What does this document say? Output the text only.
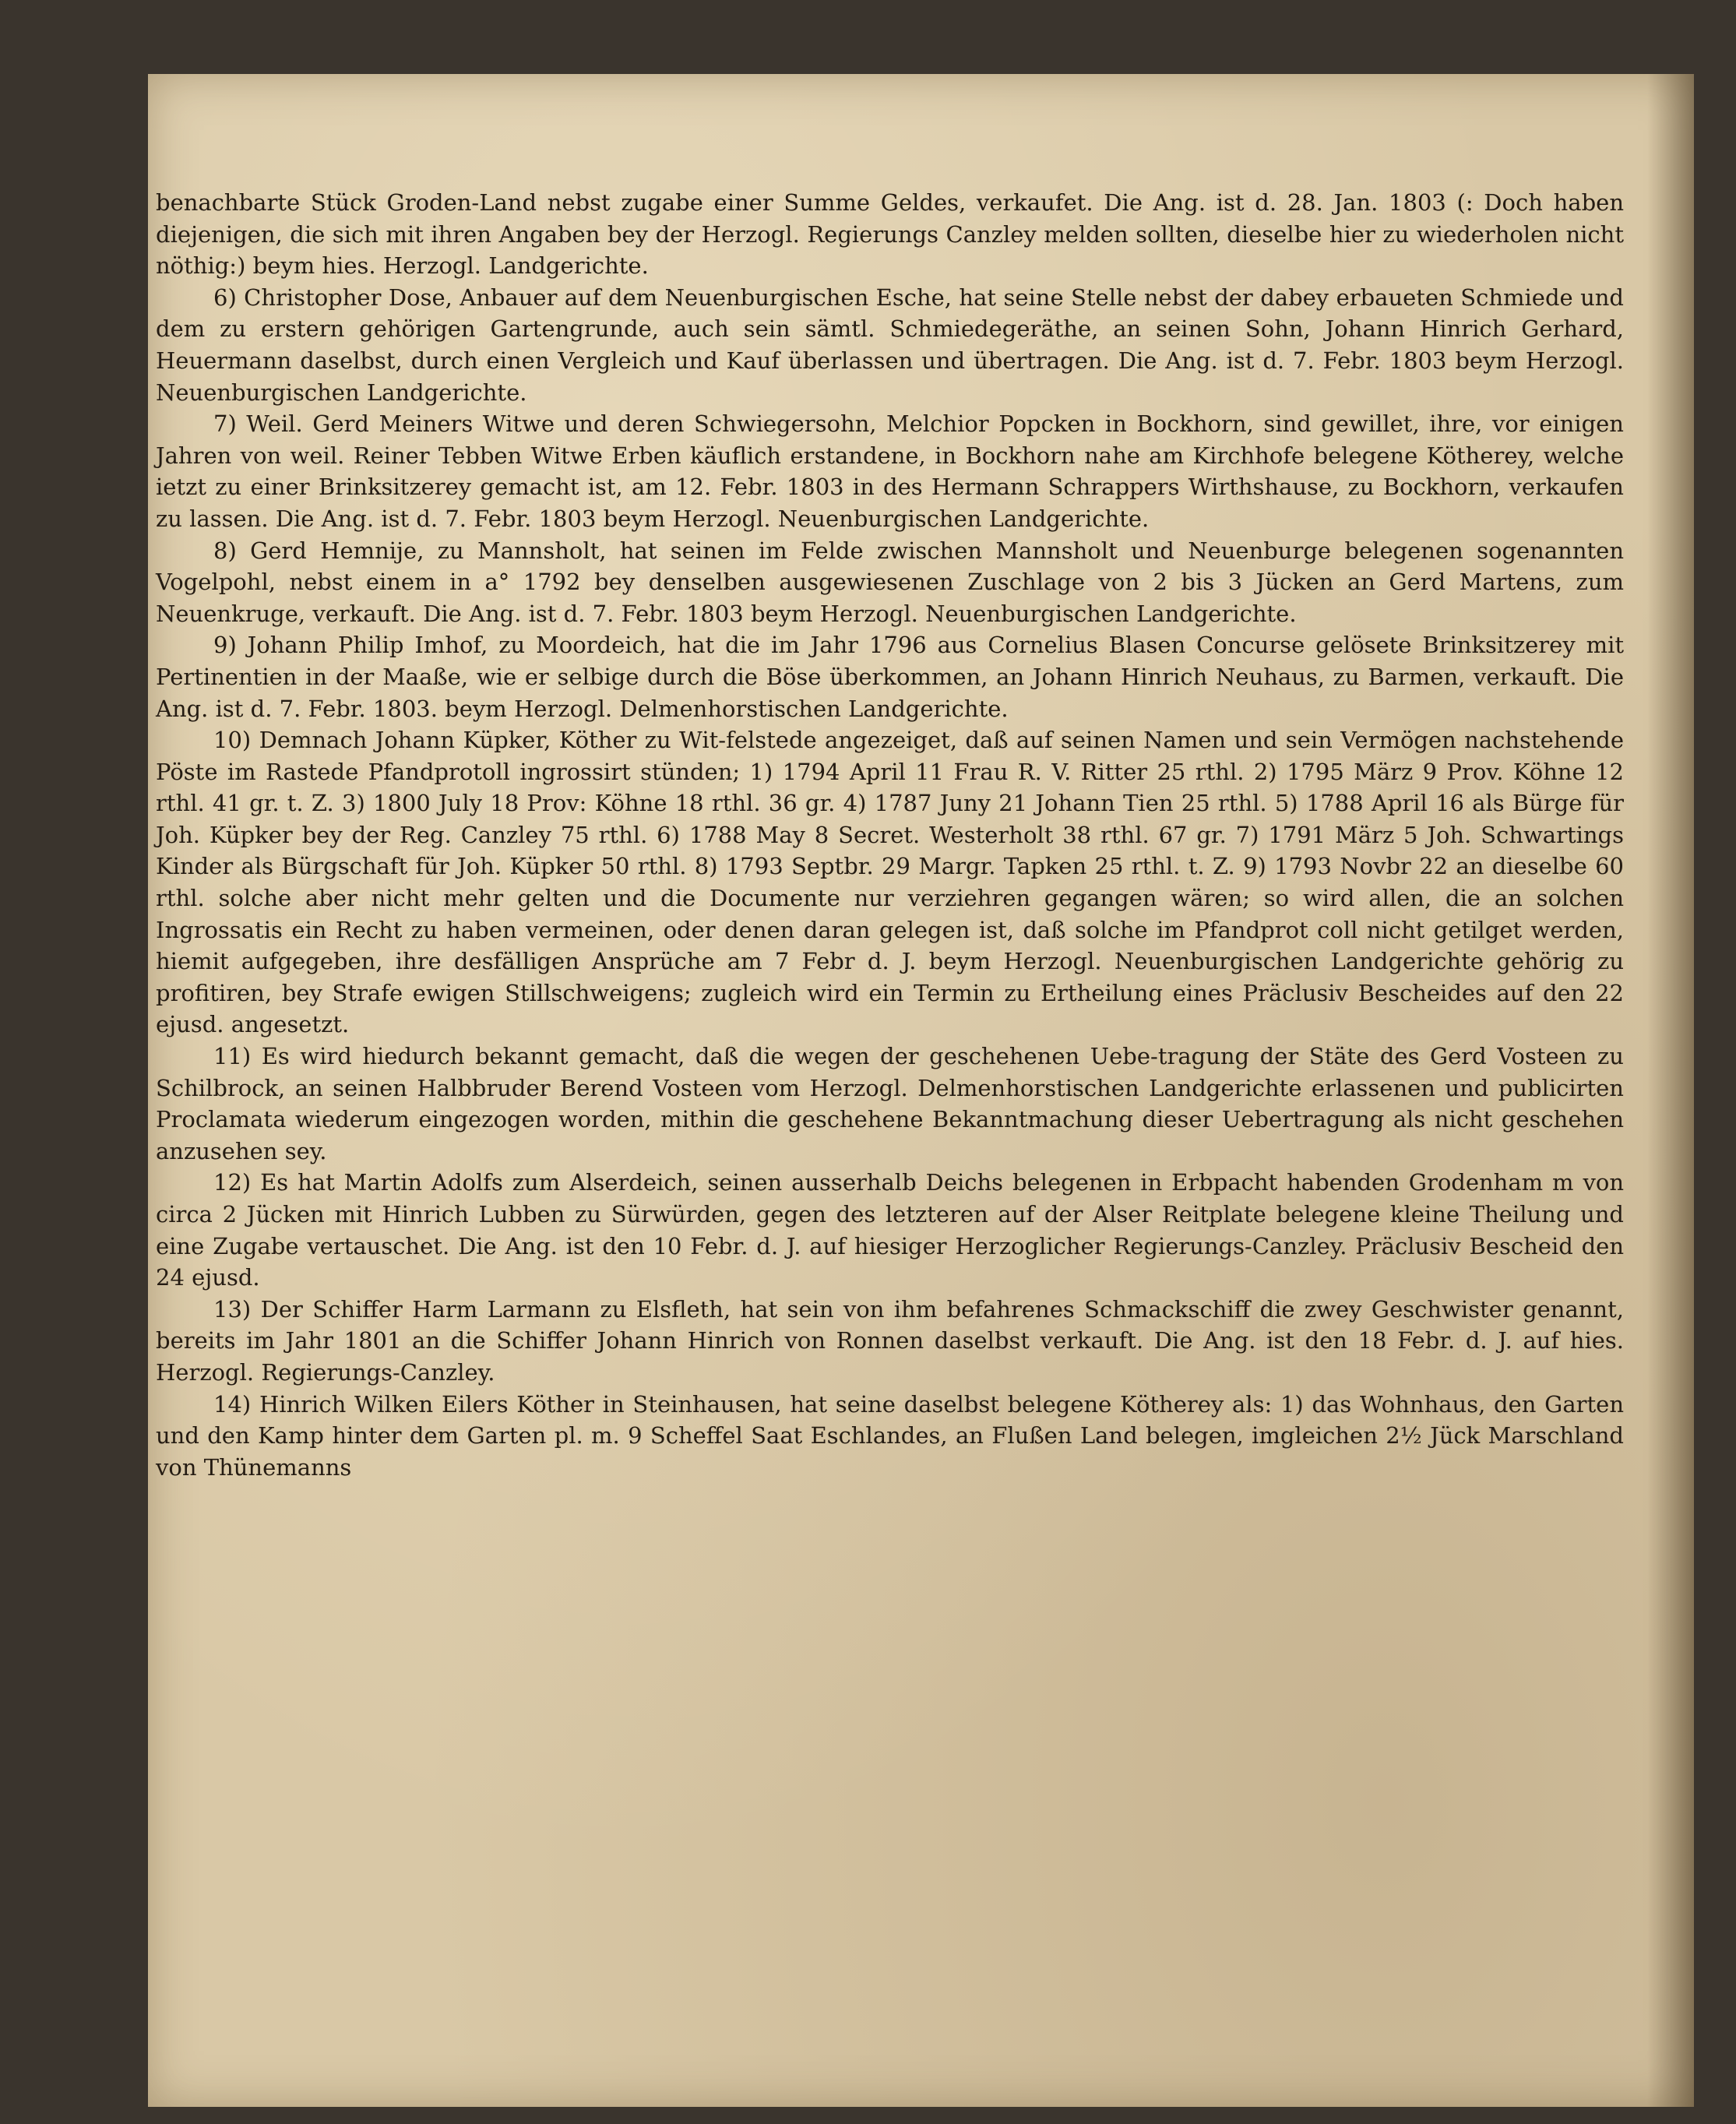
benachbarte Stück Groden-Land nebst zugabe einer Summe Geldes, verkaufet. Die Ang. ist d. 28. Jan. 1803 (: Doch haben diejenigen, die sich mit ihren Angaben bey der Herzogl. Regierungs Canzley melden sollten, dieselbe hier zu wiederholen nicht nöthig:) beym hies. Herzogl. Landgerichte.

6) Christopher Dose, Anbauer auf dem Neuenburgischen Esche, hat seine Stelle nebst der dabey erbaueten Schmiede und dem zu erstern gehörigen Gartengrunde, auch sein sämtl. Schmiedegeräthe, an seinen Sohn, Johann Hinrich Gerhard, Heuermann daselbst, durch einen Vergleich und Kauf überlassen und übertragen. Die Ang. ist d. 7. Febr. 1803 beym Herzogl. Neuenburgischen Landgerichte.

7) Weil. Gerd Meiners Witwe und deren Schwiegersohn, Melchior Popcken in Bockhorn, sind gewillet, ihre, vor einigen Jahren von weil. Reiner Tebben Witwe Erben käuflich erstandene, in Bockhorn nahe am Kirchhofe belegene Kötherey, welche ietzt zu einer Brinksitzerey gemacht ist, am 12. Febr. 1803 in des Hermann Schrappers Wirthshause, zu Bockhorn, verkaufen zu lassen. Die Ang. ist d. 7. Febr. 1803 beym Herzogl. Neuenburgischen Landgerichte.

8) Gerd Hemnije, zu Mannsholt, hat seinen im Felde zwischen Mannsholt und Neuenburge belegenen sogenannten Vogelpohl, nebst einem in a° 1792 bey denselben ausgewiesenen Zuschlage von 2 bis 3 Jücken an Gerd Martens, zum Neuenkruge, verkauft. Die Ang. ist d. 7. Febr. 1803 beym Herzogl. Neuenburgischen Landgerichte.

9) Johann Philip Imhof, zu Moordeich, hat die im Jahr 1796 aus Cornelius Blasen Concurse gelösete Brinksitzerey mit Pertinentien in der Maaße, wie er selbige durch die Böse überkommen, an Johann Hinrich Neuhaus, zu Barmen, verkauft. Die Ang. ist d. 7. Febr. 1803. beym Herzogl. Delmenhorstischen Landgerichte.

10) Demnach Johann Küpker, Köther zu Wit-felstede angezeiget, daß auf seinen Namen und sein Vermögen nachstehende Pöste im Rastede Pfandprotoll ingrossirt stünden; 1) 1794 April 11 Frau R. V. Ritter 25 rthl. 2) 1795 März 9 Prov. Köhne 12 rthl. 41 gr. t. Z. 3) 1800 July 18 Prov: Köhne 18 rthl. 36 gr. 4) 1787 Juny 21 Johann Tien 25 rthl. 5) 1788 April 16 als Bürge für Joh. Küpker bey der Reg. Canzley 75 rthl. 6) 1788 May 8 Secret. Westerholt 38 rthl. 67 gr. 7) 1791 März 5 Joh. Schwartings Kinder als Bürgschaft für Joh. Küpker 50 rthl. 8) 1793 Septbr. 29 Margr. Tapken 25 rthl. t. Z. 9) 1793 Novbr 22 an dieselbe 60 rthl. solche aber nicht mehr gelten und die Documente nur verziehren gegangen wären; so wird allen, die an solchen Ingrossatis ein Recht zu haben vermeinen, oder denen daran gelegen ist, daß solche im Pfandprot coll nicht getilget werden, hiemit aufgegeben, ihre desfälligen Ansprüche am 7 Febr d. J. beym Herzogl. Neuenburgischen Landgerichte gehörig zu profitiren, bey Strafe ewigen Stillschweigens; zugleich wird ein Termin zu Ertheilung eines Präclusiv Bescheides auf den 22 ejusd. angesetzt.

11) Es wird hiedurch bekannt gemacht, daß die wegen der geschehenen Uebe-tragung der Stäte des Gerd Vosteen zu Schilbrock, an seinen Halbbruder Berend Vosteen vom Herzogl. Delmenhorstischen Landgerichte erlassenen und publicirten Proclamata wiederum eingezogen worden, mithin die geschehene Bekanntmachung dieser Uebertragung als nicht geschehen anzusehen sey.

12) Es hat Martin Adolfs zum Alserdeich, seinen ausserhalb Deichs belegenen in Erbpacht habenden Grodenham m von circa 2 Jücken mit Hinrich Lubben zu Sürwürden, gegen des letzteren auf der Alser Reitplate belegene kleine Theilung und eine Zugabe vertauschet. Die Ang. ist den 10 Febr. d. J. auf hiesiger Herzoglicher Regierungs-Canzley. Präclusiv Bescheid den 24 ejusd.

13) Der Schiffer Harm Larmann zu Elsfleth, hat sein von ihm befahrenes Schmackschiff die zwey Geschwister genannt, bereits im Jahr 1801 an die Schiffer Johann Hinrich von Ronnen daselbst verkauft. Die Ang. ist den 18 Febr. d. J. auf hies. Herzogl. Regierungs-Canzley.

14) Hinrich Wilken Eilers Köther in Steinhausen, hat seine daselbst belegene Kötherey als: 1) das Wohnhaus, den Garten und den Kamp hinter dem Garten pl. m. 9 Scheffel Saat Eschlandes, an Flußen Land belegen, imgleichen 2½ Jück Marschland von Thünemanns
